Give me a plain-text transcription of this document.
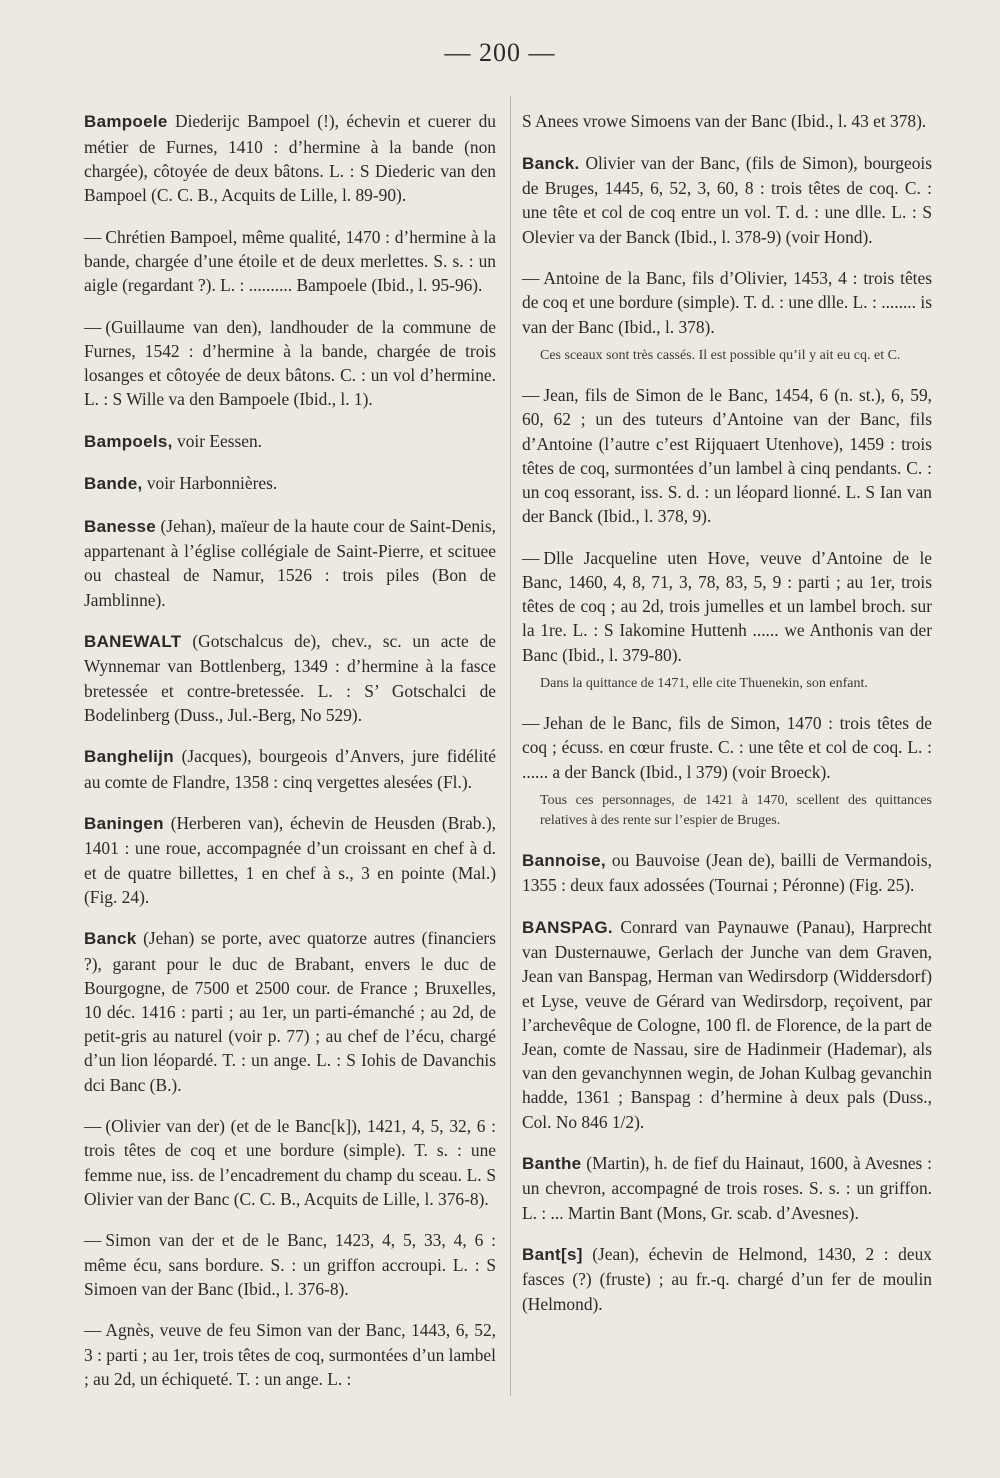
— 200 —

Bampoele Diederijc Bampoel (!), échevin et cuerer du métier de Furnes, 1410 : d’hermine à la bande (non chargée), côtoyée de deux bâtons. L. : S Diederic van den Bampoel (C. C. B., Acquits de Lille, l. 89-90).

— Chrétien Bampoel, même qualité, 1470 : d’hermine à la bande, chargée d’une étoile et de deux merlettes. S. s. : un aigle (regardant ?). L. : .......... Bampoele (Ibid., l. 95-96).

— (Guillaume van den), landhouder de la commune de Furnes, 1542 : d’hermine à la bande, chargée de trois losanges et côtoyée de deux bâtons. C. : un vol d’hermine. L. : S Wille va den Bampoele (Ibid., l. 1).

Bampoels, voir Eessen.

Bande, voir Harbonnières.

Banesse (Jehan), maïeur de la haute cour de Saint-Denis, appartenant à l’église collégiale de Saint-Pierre, et scituee ou chasteal de Namur, 1526 : trois piles (Bon de Jamblinne).

BANEWALT (Gotschalcus de), chev., sc. un acte de Wynnemar van Bottlenberg, 1349 : d’hermine à la fasce bretessée et contre-bretessée. L. : S’ Gotschalci de Bodelinberg (Duss., Jul.-Berg, No 529).

Banghelijn (Jacques), bourgeois d’Anvers, jure fidélité au comte de Flandre, 1358 : cinq vergettes alesées (Fl.).

Baningen (Herberen van), échevin de Heusden (Brab.), 1401 : une roue, accompagnée d’un croissant en chef à d. et de quatre billettes, 1 en chef à s., 3 en pointe (Mal.) (Fig. 24).

Banck (Jehan) se porte, avec quatorze autres (financiers ?), garant pour le duc de Brabant, envers le duc de Bourgogne, de 7500 et 2500 cour. de France ; Bruxelles, 10 déc. 1416 : parti ; au 1er, un parti-émanché ; au 2d, de petit-gris au naturel (voir p. 77) ; au chef de l’écu, chargé d’un lion léopardé. T. : un ange. L. : S Iohis de Davanchis dci Banc (B.).

— (Olivier van der) (et de le Banc[k]), 1421, 4, 5, 32, 6 : trois têtes de coq et une bordure (simple). T. s. : une femme nue, iss. de l’encadrement du champ du sceau. L. S Olivier van der Banc (C. C. B., Acquits de Lille, l. 376-8).

— Simon van der et de le Banc, 1423, 4, 5, 33, 4, 6 : même écu, sans bordure. S. : un griffon accroupi. L. : S Simoen van der Banc (Ibid., l. 376-8).

— Agnès, veuve de feu Simon van der Banc, 1443, 6, 52, 3 : parti ; au 1er, trois têtes de coq, surmontées d’un lambel ; au 2d, un échiqueté. T. : un ange. L. :

S Anees vrowe Simoens van der Banc (Ibid., l. 43 et 378).

Banck. Olivier van der Banc, (fils de Simon), bourgeois de Bruges, 1445, 6, 52, 3, 60, 8 : trois têtes de coq. C. : une tête et col de coq entre un vol. T. d. : une dlle. L. : S Olevier va der Banck (Ibid., l. 378-9) (voir Hond).

— Antoine de la Banc, fils d’Olivier, 1453, 4 : trois têtes de coq et une bordure (simple). T. d. : une dlle. L. : ........ is van der Banc (Ibid., l. 378).

Ces sceaux sont très cassés. Il est possible qu’il y ait eu cq. et C.

— Jean, fils de Simon de le Banc, 1454, 6 (n. st.), 6, 59, 60, 62 ; un des tuteurs d’Antoine van der Banc, fils d’Antoine (l’autre c’est Rijquaert Utenhove), 1459 : trois têtes de coq, surmontées d’un lambel à cinq pendants. C. : un coq essorant, iss. S. d. : un léopard lionné. L. S Ian van der Banck (Ibid., l. 378, 9).

— Dlle Jacqueline uten Hove, veuve d’Antoine de le Banc, 1460, 4, 8, 71, 3, 78, 83, 5, 9 : parti ; au 1er, trois têtes de coq ; au 2d, trois jumelles et un lambel broch. sur la 1re. L. : S Iakomine Huttenh ...... we Anthonis van der Banc (Ibid., l. 379-80).

Dans la quittance de 1471, elle cite Thuenekin, son enfant.

— Jehan de le Banc, fils de Simon, 1470 : trois têtes de coq ; écuss. en cœur fruste. C. : une tête et col de coq. L. : ...... a der Banck (Ibid., l 379) (voir Broeck).

Tous ces personnages, de 1421 à 1470, scellent des quittances relatives à des rente sur l’espier de Bruges.

Bannoise, ou Bauvoise (Jean de), bailli de Vermandois, 1355 : deux faux adossées (Tournai ; Péronne) (Fig. 25).

BANSPAG. Conrard van Paynauwe (Panau), Harprecht van Dusternauwe, Gerlach der Junche van dem Graven, Jean van Banspag, Herman van Wedirsdorp (Widdersdorf) et Lyse, veuve de Gérard van Wedirsdorp, reçoivent, par l’archevêque de Cologne, 100 fl. de Florence, de la part de Jean, comte de Nassau, sire de Hadinmeir (Hademar), als van den gevanchynnen wegin, de Johan Kulbag gevanchin hadde, 1361 ; Banspag : d’hermine à deux pals (Duss., Col. No 846 1/2).

Banthe (Martin), h. de fief du Hainaut, 1600, à Avesnes : un chevron, accompagné de trois roses. S. s. : un griffon. L. : ... Martin Bant (Mons, Gr. scab. d’Avesnes).

Bant[s] (Jean), échevin de Helmond, 1430, 2 : deux fasces (?) (fruste) ; au fr.-q. chargé d’un fer de moulin (Helmond).
